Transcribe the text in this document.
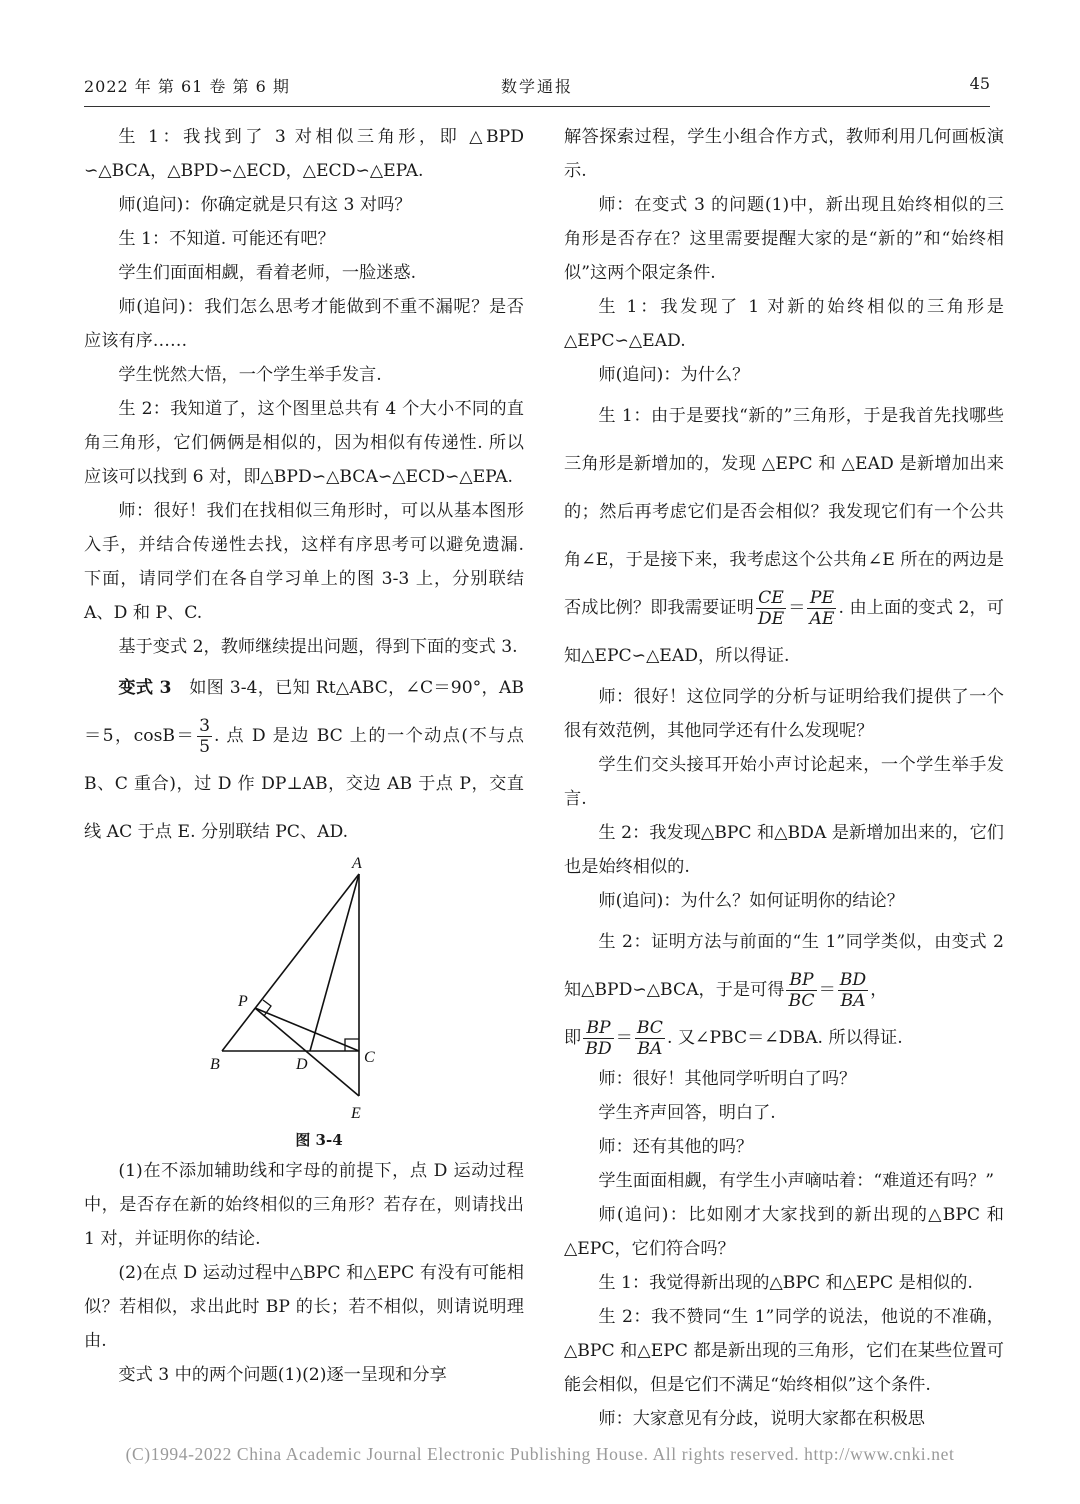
2022 年 第 61 卷 第 6 期	数学通报	45

生 1：我找到了 3 对相似三角形，即 △BPD ∽△BCA，△BPD∽△ECD，△ECD∽△EPA.

师(追问)：你确定就是只有这 3 对吗？

生 1：不知道. 可能还有吧？

学生们面面相觑，看着老师，一脸迷惑.

师(追问)：我们怎么思考才能做到不重不漏呢？是否应该有序……

学生恍然大悟，一个学生举手发言.

生 2：我知道了，这个图里总共有 4 个大小不同的直角三角形，它们俩俩是相似的，因为相似有传递性. 所以应该可以找到 6 对，即△BPD∽△BCA∽△ECD∽△EPA.

师：很好！我们在找相似三角形时，可以从基本图形入手，并结合传递性去找，这样有序思考可以避免遗漏. 下面，请同学们在各自学习单上的图 3-3 上，分别联结 A、D 和 P、C.

基于变式 2，教师继续提出问题，得到下面的变式 3.

变式 3　 如图 3-4，已知 Rt△ABC，∠C＝90°，AB＝5，$\cos B= \frac{3}{5}$ . 点 D 是边 BC 上的一个动点(不与点 B、C 重合)，过 D 作 DP⊥AB，交边 AB 于点 P，交直线 AC 于点 E. 分别联结 PC、AD.

A
P
B	D	C
E

图 3-4

(1)在不添加辅助线和字母的前提下，点 D 运动过程中，是否存在新的始终相似的三角形？若存在，则请找出 1 对，并证明你的结论.

(2)在点 D 运动过程中△BPC 和△EPC 有没有可能相似？若相似，求出此时 BP 的长；若不相似，则请说明理由.

变式 3 中的两个问题(1)(2)逐一呈现和分享

解答探索过程，学生小组合作方式，教师利用几何画板演示.

师：在变式 3 的问题(1)中，新出现且始终相似的三角形是否存在？这里需要提醒大家的是“新的”和“始终相似”这两个限定条件.

生 1：我发现了 1 对新的始终相似的三角形是△EPC∽△EAD.

师(追问)：为什么？

生 1：由于是要找“新的”三角形，于是我首先找哪些三角形是新增加的，发现 △EPC 和 △EAD 是新增加出来的；然后再考虑它们是否会相似？我发现它们有一个公共角∠E，于是接下来，我考虑这个公共角∠E 所在的两边是否成比例？即我需要证明 $\frac{CE}{DE} = \frac{PE}{AE}$ . 由上面的变式 2，可知△EPC∽△EAD，所以得证.

师：很好！这位同学的分析与证明给我们提供了一个很有效范例，其他同学还有什么发现呢？

学生们交头接耳开始小声讨论起来，一个学生举手发言.

生 2：我发现△BPC 和△BDA 是新增加出来的，它们也是始终相似的.

师(追问)：为什么？如何证明你的结论？

生 2：证明方法与前面的“生 1”同学类似，由变式 2 知△BPD∽△BCA，于是可得 $\frac{BP}{BC} = \frac{BD}{BA}$ ，

即 $\frac{BP}{BD} = \frac{BC}{BA}$ . 又∠PBC＝∠DBA. 所以得证.

师：很好！其他同学听明白了吗？

学生齐声回答，明白了.

师：还有其他的吗？

学生面面相觑，有学生小声嘀咕着：“难道还有吗？”

师(追问)：比如刚才大家找到的新出现的△BPC 和△EPC，它们符合吗？

生 1：我觉得新出现的△BPC 和△EPC 是相似的.

生 2：我不赞同“生 1”同学的说法，他说的不准确，△BPC 和△EPC 都是新出现的三角形，它们在某些位置可能会相似，但是它们不满足“始终相似”这个条件.

师：大家意见有分歧，说明大家都在积极思

(C)1994-2022 China Academic Journal Electronic Publishing House. All rights reserved. http://www.cnki.net
